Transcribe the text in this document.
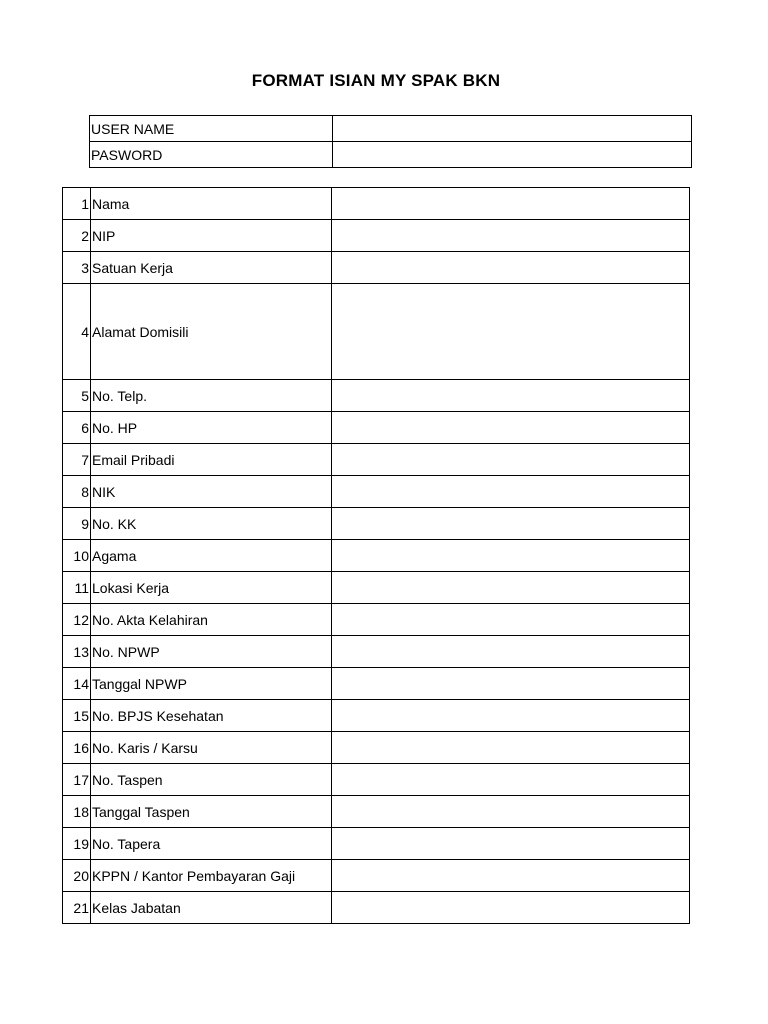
FORMAT ISIAN MY SPAK BKN
USER NAME	
PASWORD	
1	Nama	
2	NIP	
3	Satuan Kerja	
4	Alamat Domisili	
5	No. Telp.	
6	No. HP	
7	Email Pribadi	
8	NIK	
9	No. KK	
10	Agama	
11	Lokasi Kerja	
12	No. Akta Kelahiran	
13	No. NPWP	
14	Tanggal NPWP	
15	No. BPJS Kesehatan	
16	No. Karis / Karsu	
17	No. Taspen	
18	Tanggal Taspen	
19	No. Tapera	
20	KPPN / Kantor Pembayaran Gaji	
21	Kelas Jabatan	
